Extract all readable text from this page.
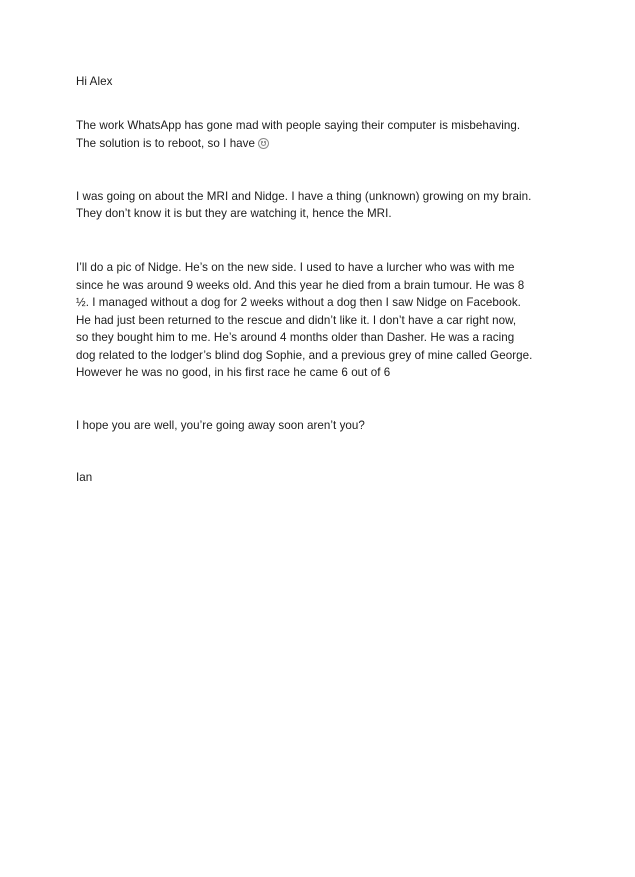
Hi Alex
The work WhatsApp has gone mad with people saying their computer is misbehaving.
The solution is to reboot, so I have
I was going on about the MRI and Nidge. I have a thing (unknown) growing on my brain.
They don’t know it is but they are watching it, hence the MRI.
I’ll do a pic of Nidge. He’s on the new side. I used to have a lurcher who was with me
since he was around 9 weeks old. And this year he died from a brain tumour. He was 8
½. I managed without a dog for 2 weeks without a dog then I saw Nidge on Facebook.
He had just been returned to the rescue and didn’t like it. I don’t have a car right now,
so they bought him to me. He’s around 4 months older than Dasher. He was a racing
dog related to the lodger’s blind dog Sophie, and a previous grey of mine called George.
However he was no good, in his first race he came 6 out of 6
I hope you are well, you’re going away soon aren’t you?
Ian
